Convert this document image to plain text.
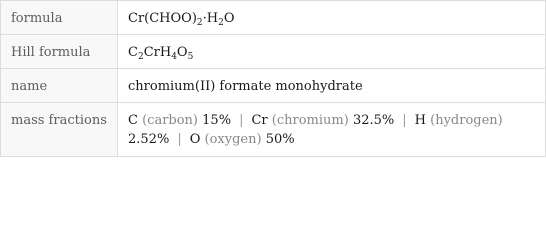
formula	$Cr(CHOO)_2\cdot H_2O$
Hill formula	$C_2CrH_4O_5$
name	chromium(II) formate monohydrate
mass fractions	C (carbon) 15% | Cr (chromium) 32.5% | H (hydrogen)
2.52% | O (oxygen) 50%
